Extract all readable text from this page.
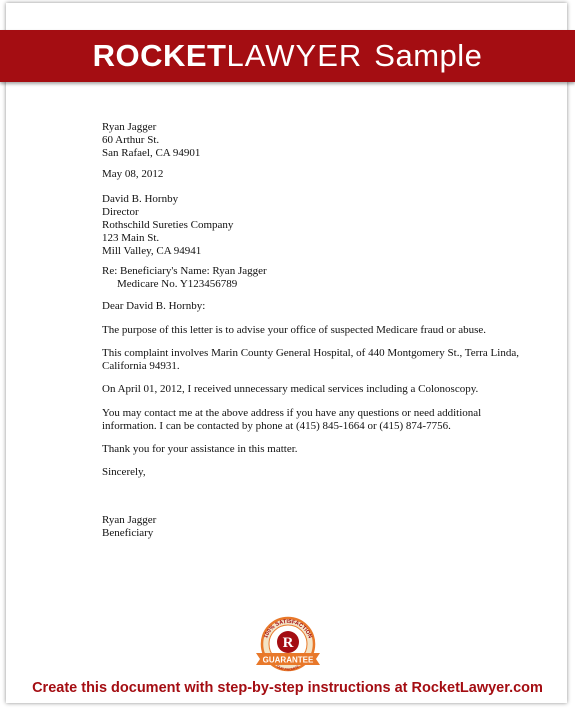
ROCKET LAWYER Sample
Ryan Jagger
60 Arthur St.
San Rafael, CA 94901
May 08, 2012
David B. Hornby
Director
Rothschild Sureties Company
123 Main St.
Mill Valley, CA 94941
Re: Beneficiary's Name: Ryan Jagger
Medicare No. Y123456789
Dear David B. Hornby:
The purpose of this letter is to advise your office of suspected Medicare fraud or abuse.
This complaint involves Marin County General Hospital, of 440 Montgomery St., Terra Linda,
California 94931.
On April 01, 2012, I received unnecessary medical services including a Colonoscopy.
You may contact me at the above address if you have any questions or need additional
information. I can be contacted by phone at (415) 845-1664 or (415) 874-7756.
Thank you for your assistance in this matter.
Sincerely,
Ryan Jagger
Beneficiary
100% SATISFACTION
R
GUARANTEE
OUR PROMISE
Create this document with step-by-step instructions at RocketLawyer.com
